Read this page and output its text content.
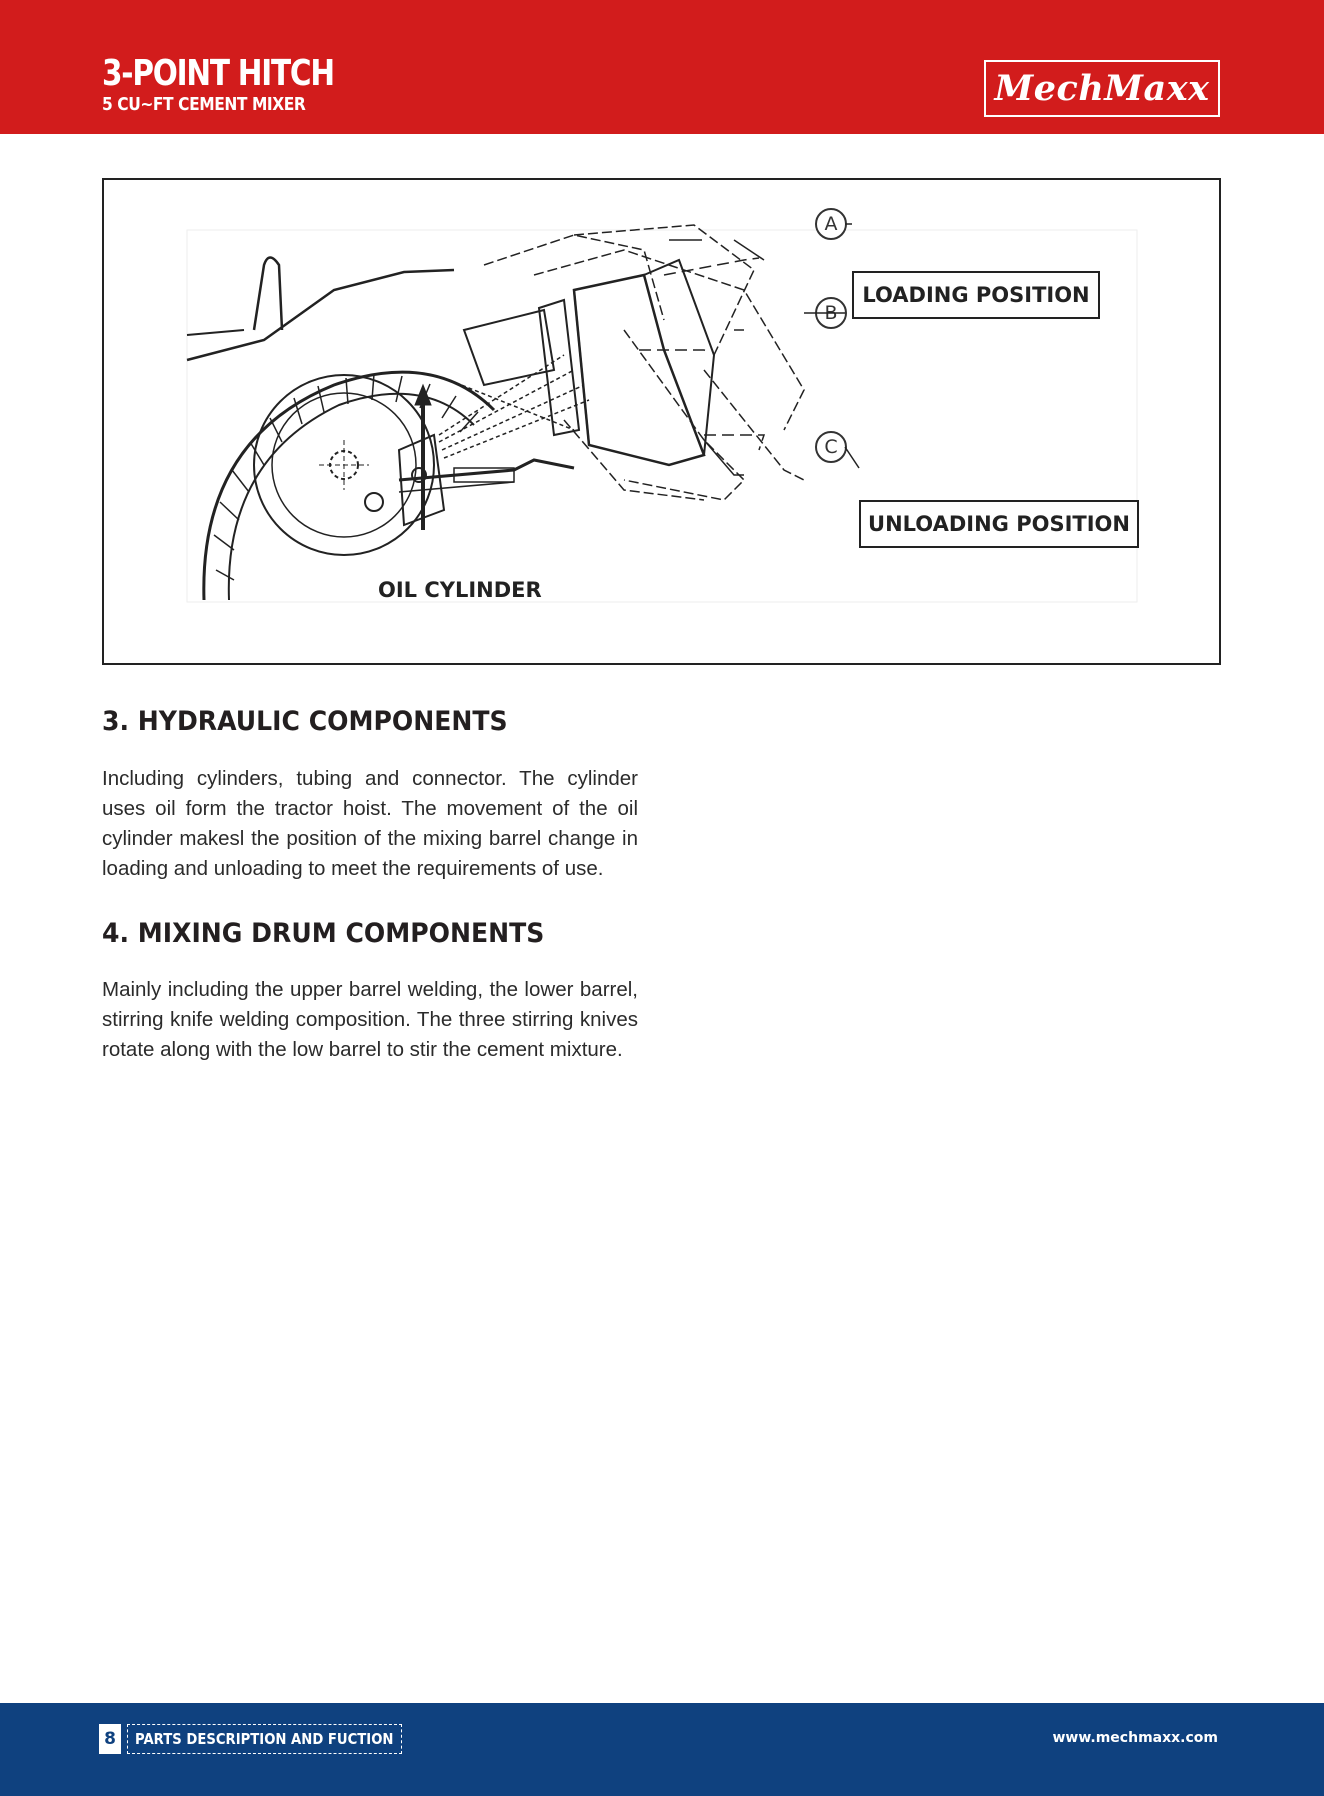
3-POINT HITCH
5 CU~FT CEMENT MIXER	MechMaxx
A
B
C
LOADING POSITION
UNLOADING POSITION
OIL CYLINDER
3. HYDRAULIC COMPONENTS

Including cylinders, tubing and connector. The cylinder uses oil form the tractor hoist. The movement of the oil cylinder makesl the position of the mixing barrel change in loading and unloading to meet the requirements of use.

4. MIXING DRUM COMPONENTS

Mainly including the upper barrel welding, the lower barrel, stirring knife welding composition. The three stirring knives rotate along with the low barrel to stir the cement mixture.

8	PARTS DESCRIPTION AND FUCTION	www.mechmaxx.com
